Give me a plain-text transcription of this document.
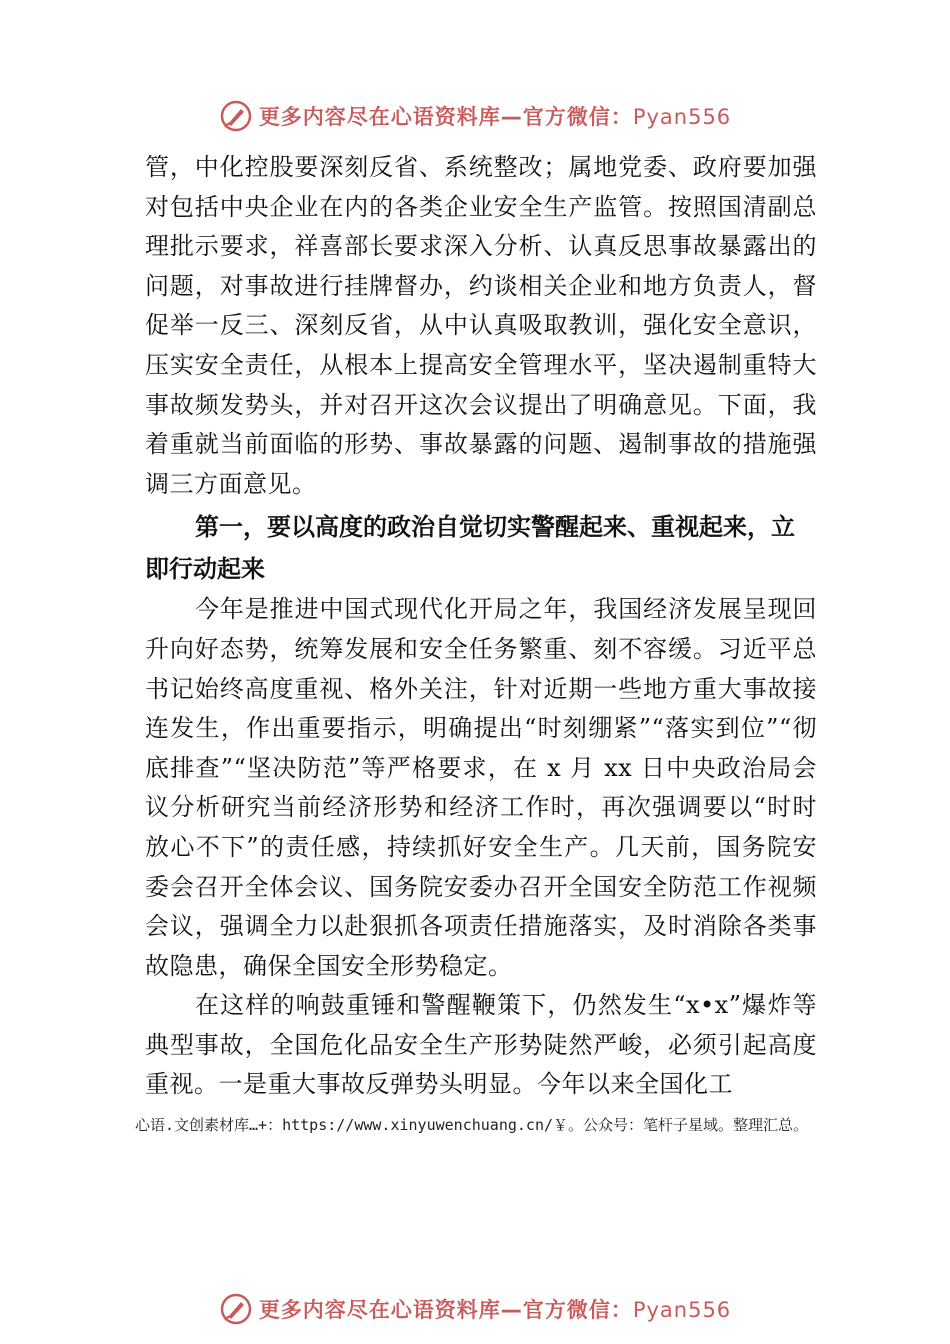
更多内容尽在心语资料库—官方微信：Pyan556

管，中化控股要深刻反省、系统整改；属地党委、政府要加强对包括中央企业在内的各类企业安全生产监管。按照国清副总理批示要求，祥喜部长要求深入分析、认真反思事故暴露出的问题，对事故进行挂牌督办，约谈相关企业和地方负责人，督促举一反三、深刻反省，从中认真吸取教训，强化安全意识，压实安全责任，从根本上提高安全管理水平，坚决遏制重特大事故频发势头，并对召开这次会议提出了明确意见。下面，我着重就当前面临的形势、事故暴露的问题、遏制事故的措施强调三方面意见。

第一，要以高度的政治自觉切实警醒起来、重视起来，立即行动起来

今年是推进中国式现代化开局之年，我国经济发展呈现回升向好态势，统筹发展和安全任务繁重、刻不容缓。习近平总书记始终高度重视、格外关注，针对近期一些地方重大事故接连发生，作出重要指示，明确提出“时刻绷紧”“落实到位”“彻底排查”“坚决防范”等严格要求，在 x 月 xx 日中央政治局会议分析研究当前经济形势和经济工作时，再次强调要以“时时放心不下”的责任感，持续抓好安全生产。几天前，国务院安委会召开全体会议、国务院安委办召开全国安全防范工作视频会议，强调全力以赴狠抓各项责任措施落实，及时消除各类事故隐患，确保全国安全形势稳定。

在这样的响鼓重锤和警醒鞭策下，仍然发生“x•x”爆炸等典型事故，全国危化品安全生产形势陡然严峻，必须引起高度重视。一是重大事故反弹势头明显。今年以来全国化工

心语.文创素材库…+：https://www.xinyuwenchuang.cn/￥。公众号：笔杆子星域。整理汇总。
更多内容尽在心语资料库—官方微信：Pyan556
